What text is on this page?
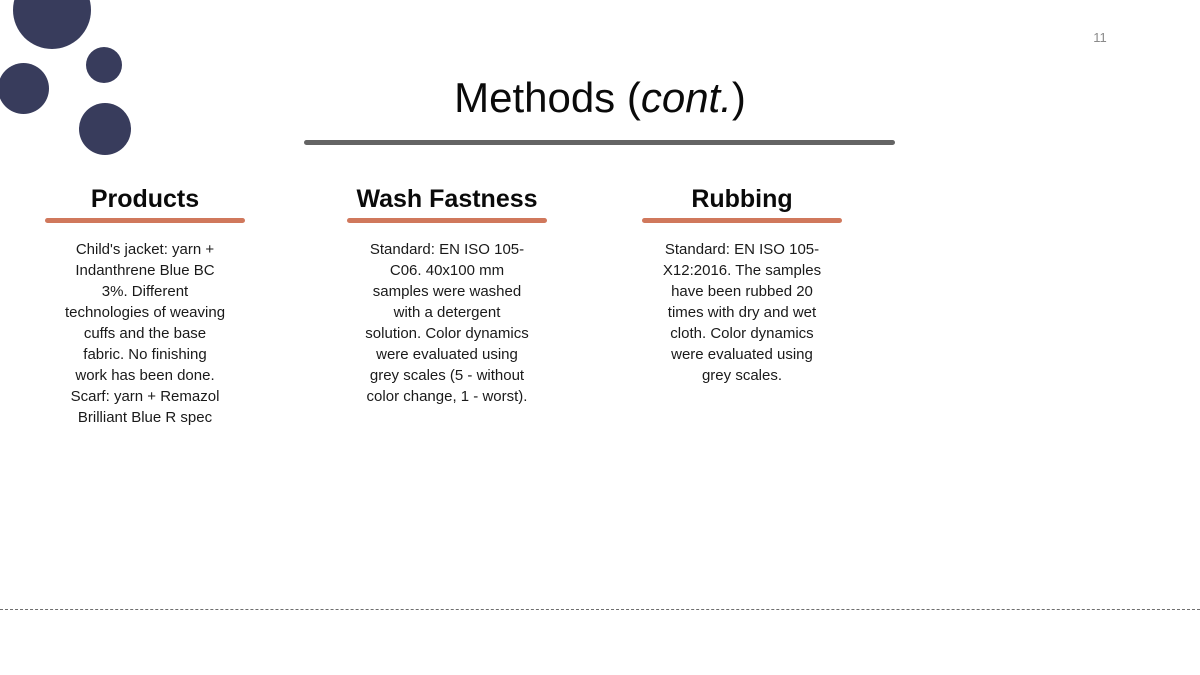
11
Methods (cont.)
Products
Child's jacket: yarn +
Indanthrene Blue BC
3%. Different
technologies of weaving
cuffs and the base
fabric. No finishing
work has been done.
Scarf: yarn + Remazol
Brilliant Blue R spec
Wash Fastness
Standard: EN ISO 105-
C06. 40x100 mm
samples were washed
with a detergent
solution. Color dynamics
were evaluated using
grey scales (5 - without
color change, 1 - worst).
Rubbing
Standard: EN ISO 105-
X12:2016. The samples
have been rubbed 20
times with dry and wet
cloth. Color dynamics
were evaluated using
grey scales.
